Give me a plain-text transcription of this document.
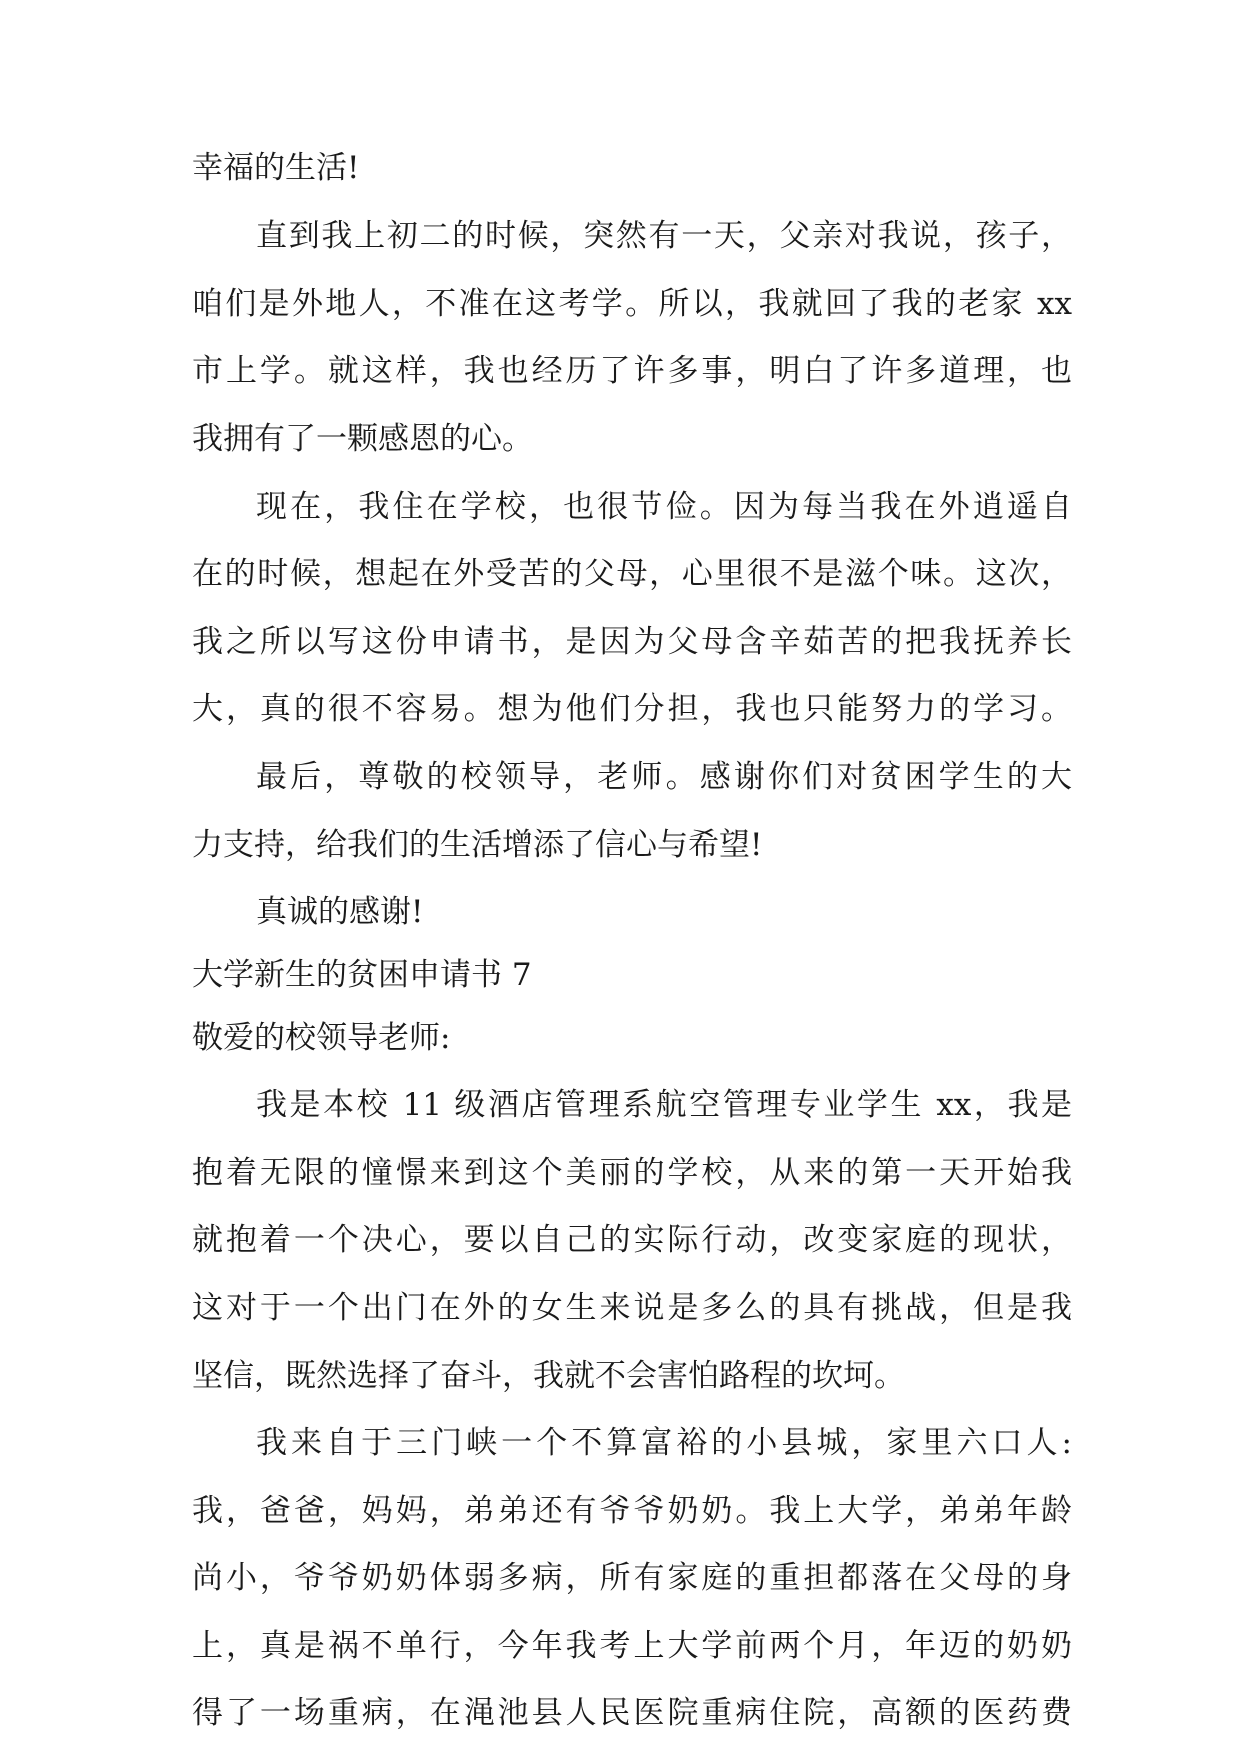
幸福的生活!

直到我上初二的时候，突然有一天，父亲对我说，孩子，

咱们是外地人，不准在这考学。所以，我就回了我的老家 xx

市上学。就这样，我也经历了许多事，明白了许多道理，也

我拥有了一颗感恩的心。

现在，我住在学校，也很节俭。因为每当我在外逍遥自

在的时候，想起在外受苦的父母，心里很不是滋个味。这次，

我之所以写这份申请书，是因为父母含辛茹苦的把我抚养长

大，真的很不容易。想为他们分担，我也只能努力的学习。

最后，尊敬的校领导，老师。感谢你们对贫困学生的大

力支持，给我们的生活增添了信心与希望!

真诚的感谢!

大学新生的贫困申请书 7

敬爱的校领导老师:

我是本校 11 级酒店管理系航空管理专业学生 xx，我是

抱着无限的憧憬来到这个美丽的学校，从来的第一天开始我

就抱着一个决心，要以自己的实际行动，改变家庭的现状，

这对于一个出门在外的女生来说是多么的具有挑战，但是我

坚信，既然选择了奋斗，我就不会害怕路程的坎坷。

我来自于三门峡一个不算富裕的小县城，家里六口人:

我，爸爸，妈妈，弟弟还有爷爷奶奶。我上大学，弟弟年龄

尚小，爷爷奶奶体弱多病，所有家庭的重担都落在父母的身

上，真是祸不单行，今年我考上大学前两个月，年迈的奶奶

得了一场重病，在渑池县人民医院重病住院，高额的医药费
